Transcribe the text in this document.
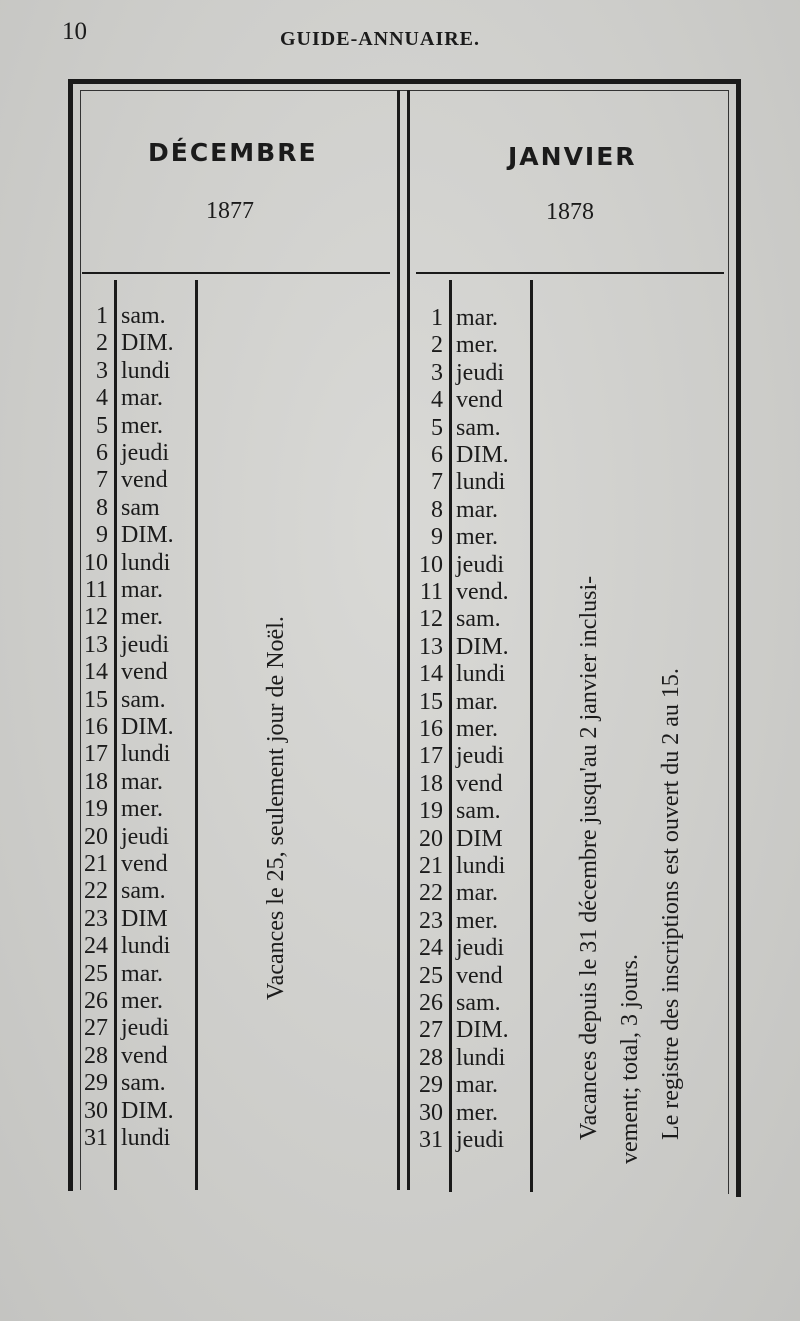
10	GUIDE-ANNUAIRE.
DÉCEMBRE
1877
1 sam.
2 DIM.
3 lundi
4 mar.
5 mer.
6 jeudi
7 vend
8 sam
9 DIM.
10 lundi
11 mar.
12 mer.
13 jeudi
14 vend
15 sam.
16 DIM.
17 lundi
18 mar.
19 mer.
20 jeudi
21 vend
22 sam.
23 DIM
24 lundi
25 mar.
26 mer.
27 jeudi
28 vend
29 sam.
30 DIM.
31 lundi
Vacances le 25, seulement jour de Noël.
JANVIER
1878
1 mar.
2 mer.
3 jeudi
4 vend
5 sam.
6 DIM.
7 lundi
8 mar.
9 mer.
10 jeudi
11 vend.
12 sam.
13 DIM.
14 lundi
15 mar.
16 mer.
17 jeudi
18 vend
19 sam.
20 DIM
21 lundi
22 mar.
23 mer.
24 jeudi
25 vend
26 sam.
27 DIM.
28 lundi
29 mar.
30 mer.
31 jeudi	Vacances depuis le 31 décembre jusqu'au 2 janvier inclusi- vement; total, 3 jours. Le registre des inscriptions est ouvert du 2 au 15.
